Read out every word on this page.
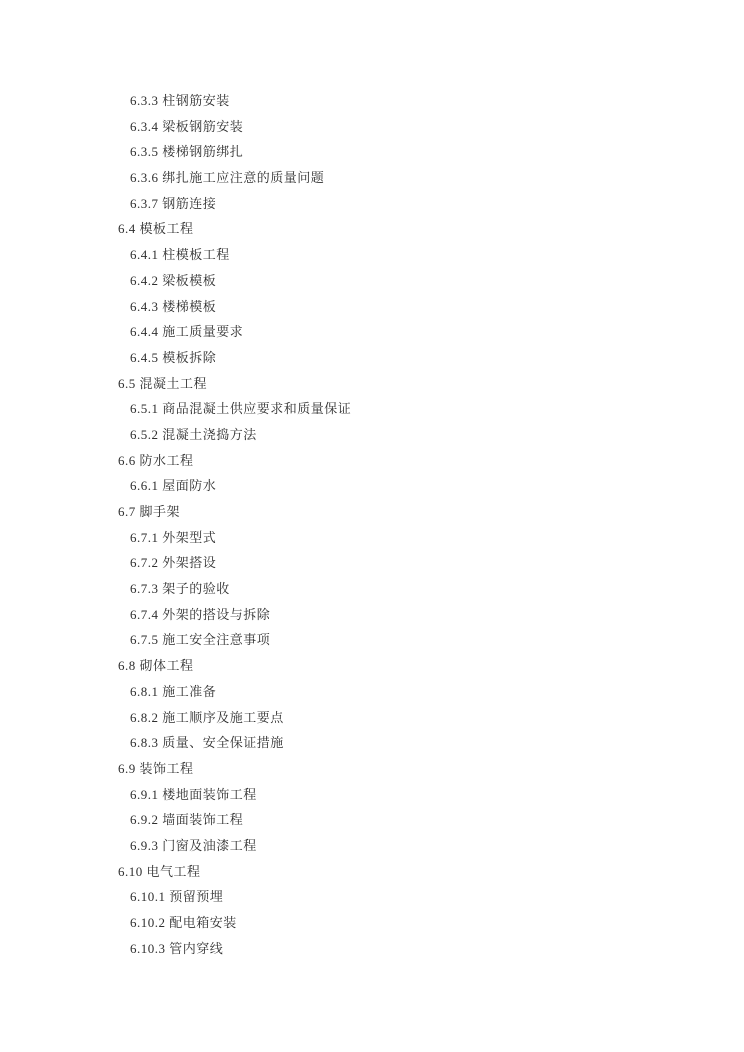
6.3.3 柱钢筋安装
6.3.4 梁板钢筋安装
6.3.5 楼梯钢筋绑扎
6.3.6 绑扎施工应注意的质量问题
6.3.7 钢筋连接
6.4 模板工程
6.4.1 柱模板工程
6.4.2 梁板模板
6.4.3 楼梯模板
6.4.4 施工质量要求
6.4.5 模板拆除
6.5 混凝土工程
6.5.1 商品混凝土供应要求和质量保证
6.5.2 混凝土浇捣方法
6.6 防水工程
6.6.1 屋面防水
6.7 脚手架
6.7.1 外架型式
6.7.2 外架搭设
6.7.3 架子的验收
6.7.4 外架的搭设与拆除
6.7.5 施工安全注意事项
6.8 砌体工程
6.8.1 施工准备
6.8.2 施工顺序及施工要点
6.8.3 质量、安全保证措施
6.9 装饰工程
6.9.1 楼地面装饰工程
6.9.2 墙面装饰工程
6.9.3 门窗及油漆工程
6.10 电气工程
6.10.1 预留预埋
6.10.2 配电箱安装
6.10.3 管内穿线
